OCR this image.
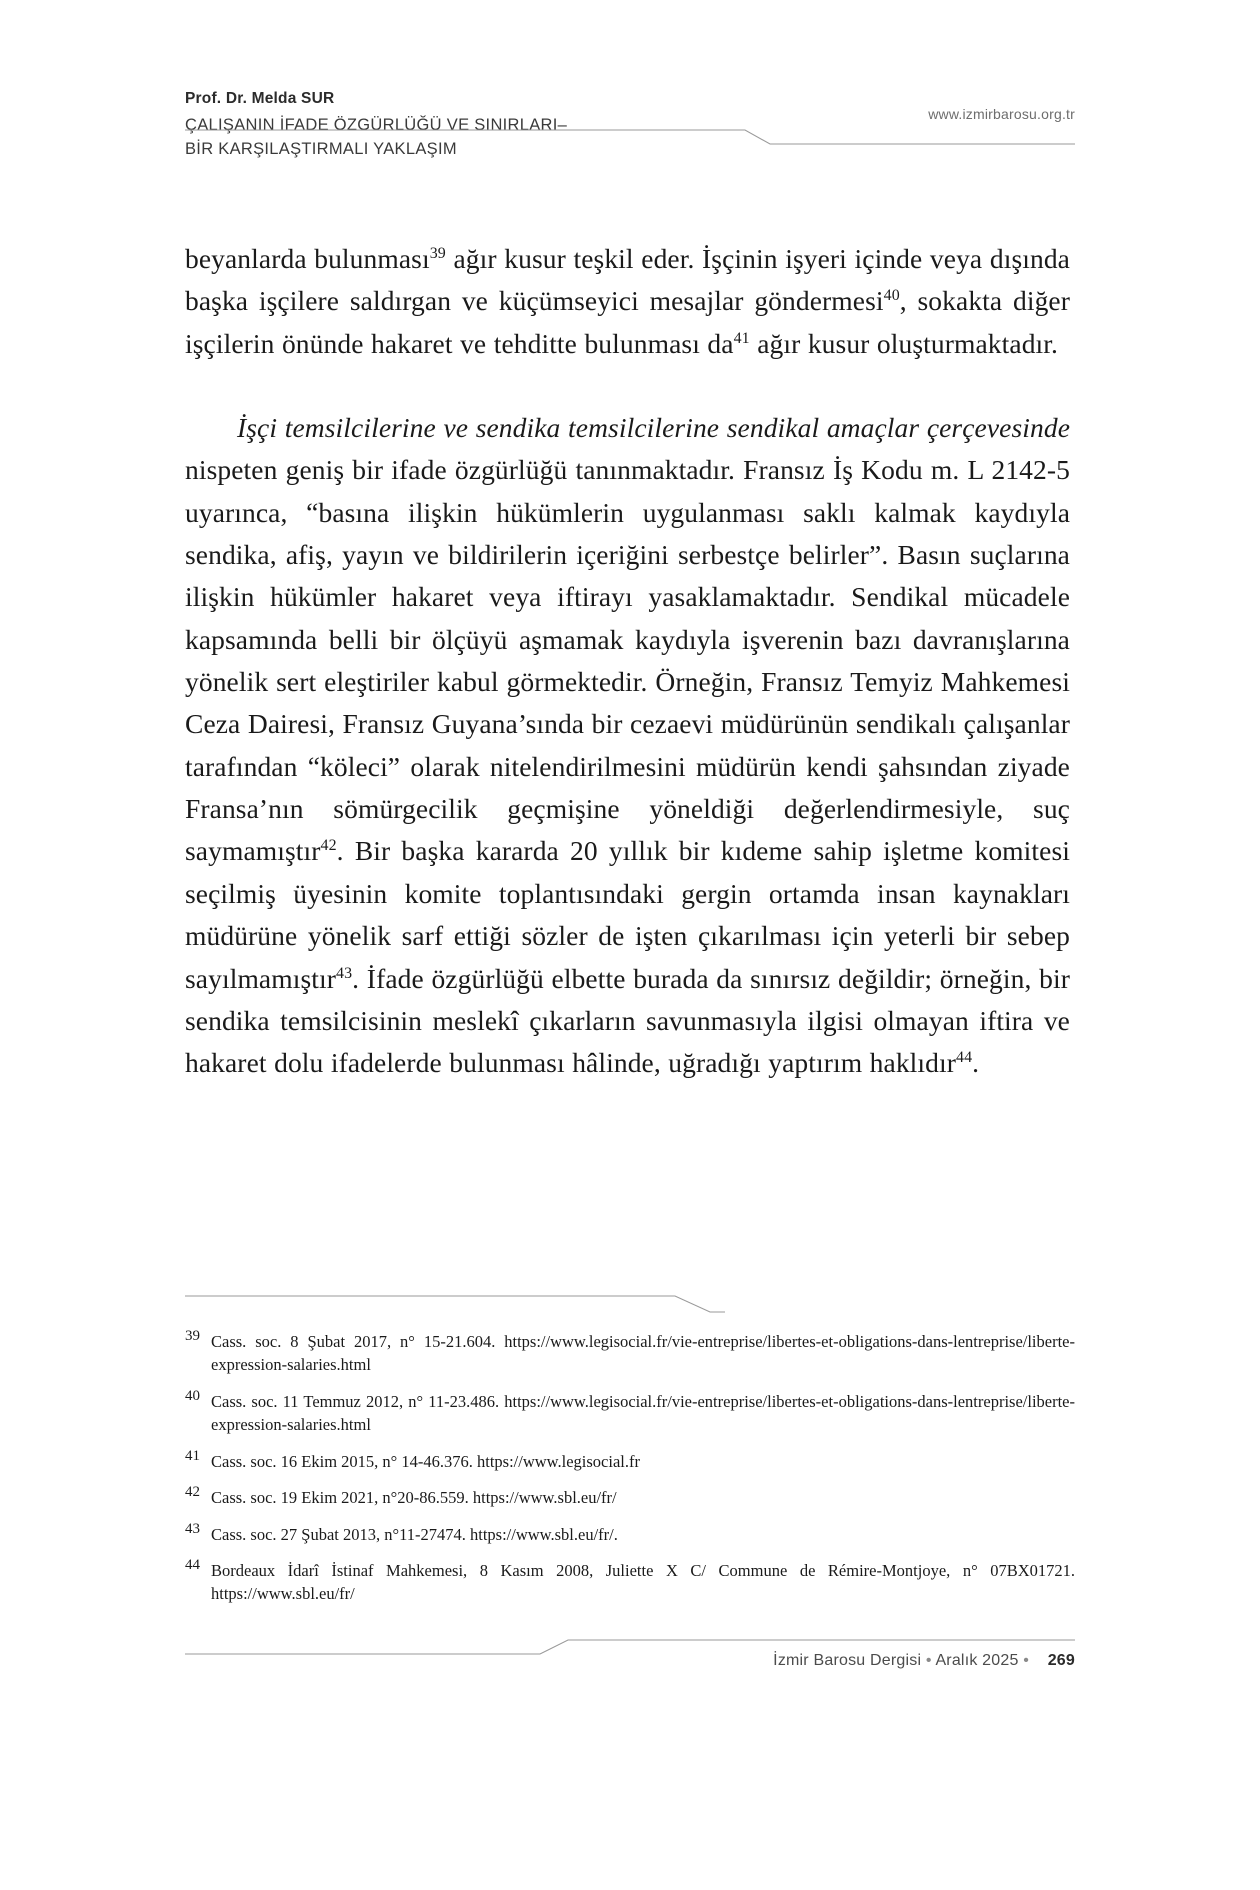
Prof. Dr. Melda SUR
ÇALIŞANIN İFADE ÖZGÜRLÜĞÜ VE SINIRLARI–
BİR KARŞILAŞTIRMALI YAKLAŞIM
www.izmirbarosu.org.tr

beyanlarda bulunması$^{39}$ ağır kusur teşkil eder. İşçinin işyeri içinde veya dışında başka işçilere saldırgan ve küçümseyici mesajlar göndermesi$^{40}$, sokakta diğer işçilerin önünde hakaret ve tehditte bulunması $da^{41}$ ağır kusur oluşturmaktadır.

İşçi temsilcilerine ve sendika temsilcilerine sendikal amaçlar çerçevesinde nispeten geniş bir ifade özgürlüğü tanınmaktadır. Fransız İş Kodu m. L 2142-5 uyarınca, “basına ilişkin hükümlerin uygulanması saklı kalmak kaydıyla sendika, afiş, yayın ve bildirilerin içeriğini serbestçe belirler”. Basın suçlarına ilişkin hükümler hakaret veya iftirayı yasaklamaktadır. Sendikal mücadele kapsamında belli bir ölçüyü aşmamak kaydıyla işverenin bazı davranışlarına yönelik sert eleştiriler kabul görmektedir. Örneğin, Fransız Temyiz Mahkemesi Ceza Dairesi, Fransız Guyana’sında bir cezaevi müdürünün sendikalı çalışanlar tarafından “köleci” olarak nitelendirilmesini müdürün kendi şahsından ziyade Fransa’nın sömürgecilik geçmişine yöneldiği değerlendirmesiyle, suç saymamıştır$^{42}$. Bir başka kararda 20 yıllık bir kıdeme sahip işletme komitesi seçilmiş üyesinin komite toplantısındaki gergin ortamda insan kaynakları müdürüne yönelik sarf ettiği sözler de işten çıkarılması için yeterli bir sebep sayılmamıştır$^{43}$. İfade özgürlüğü elbette burada da sınırsız değildir; örneğin, bir sendika temsilcisinin meslekî çıkarların savunmasıyla ilgisi olmayan iftira ve hakaret dolu ifadelerde bulunması hâlinde, uğradığı yaptırım haklıdır$^{44}$.

39 Cass. soc. 8 Şubat 2017, n° 15-21.604. https://www.legisocial.fr/vie-entreprise/libertes-et-obligations-dans-lentreprise/liberte-expression-salaries.html
40 Cass. soc. 11 Temmuz 2012, n° 11-23.486. https://www.legisocial.fr/vie-entreprise/libertes-et-obligations-dans-lentreprise/liberte-expression-salaries.html
41 Cass. soc. 16 Ekim 2015, n° 14-46.376. https://www.legisocial.fr
42 Cass. soc. 19 Ekim 2021, n°20-86.559. https://www.sbl.eu/fr/
43 Cass. soc. 27 Şubat 2013, n°11-27474. https://www.sbl.eu/fr/.
44 Bordeaux İdarî İstinaf Mahkemesi, 8 Kasım 2008, Juliette X C/ Commune de Rémire-Montjoye, n° 07BX01721. https://www.sbl.eu/fr/
İzmir Barosu Dergisi • Aralık 2025 • 269
